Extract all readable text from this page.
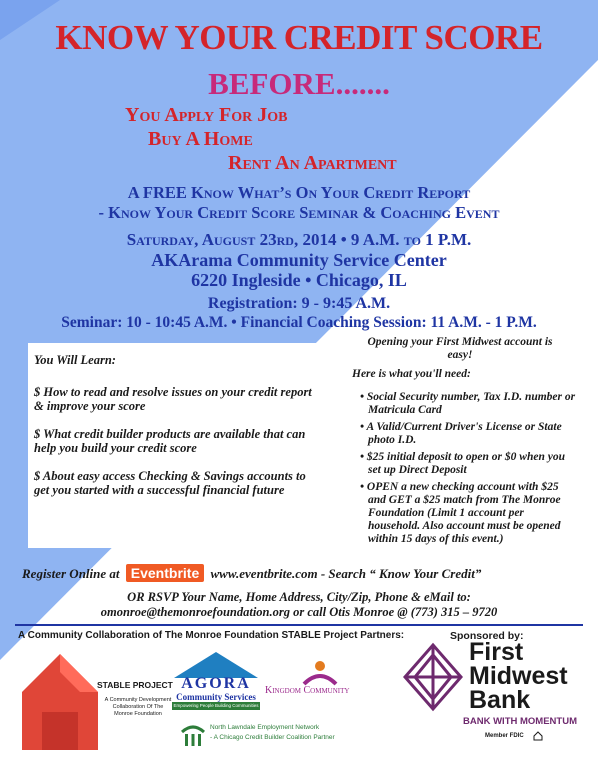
KNOW YOUR CREDIT SCORE
BEFORE.......
You Apply For Job
Buy A Home
Rent An Apartment
A FREE Know What’s On Your Credit Report
- Know Your Credit Score Seminar & Coaching Event
Saturday, August 23rd, 2014 • 9 A.M. to 1 P.M.
AKArama Community Service Center
6220 Ingleside • Chicago, IL
Registration: 9 - 9:45 A.M.
Seminar: 10 - 10:45 A.M. • Financial Coaching Session: 11 A.M. - 1 P.M.
You Will Learn:
$ How to read and resolve issues on your credit report & improve your score
$ What credit builder products are available that can help you build your credit score
$ About easy access Checking & Savings accounts to get you started with a successful financial future
Opening your First Midwest account is easy!
Here is what you'll need:
• Social Security number, Tax I.D. number or Matricula Card
• A Valid/Current Driver's License or State photo I.D.
• $25 initial deposit to open or $0 when you set up Direct Deposit
• OPEN a new checking account with $25 and GET a $25 match from The Monroe Foundation (Limit 1 account per household. Also account must be opened within 15 days of this event.)
Register Online at Eventbrite www.eventbrite.com - Search “ Know Your Credit”
OR RSVP Your Name, Home Address, City/Zip, Phone & eMail to:
omonroe@themonroefoundation.org or call Otis Monroe @ (773) 315 – 9720
A Community Collaboration of The Monroe Foundation STABLE Project Partners:	Sponsored by:
STABLE PROJECT
A Community Development Collaboration Of The Monroe Foundation
AGORA
Community Services
Empowering People Building Communities
Kingdom Community
North Lawndale Employment Network
- A Chicago Credit Builder Coalition Partner
First
Midwest
Bank
BANK WITH MOMENTUM
Member FDIC
